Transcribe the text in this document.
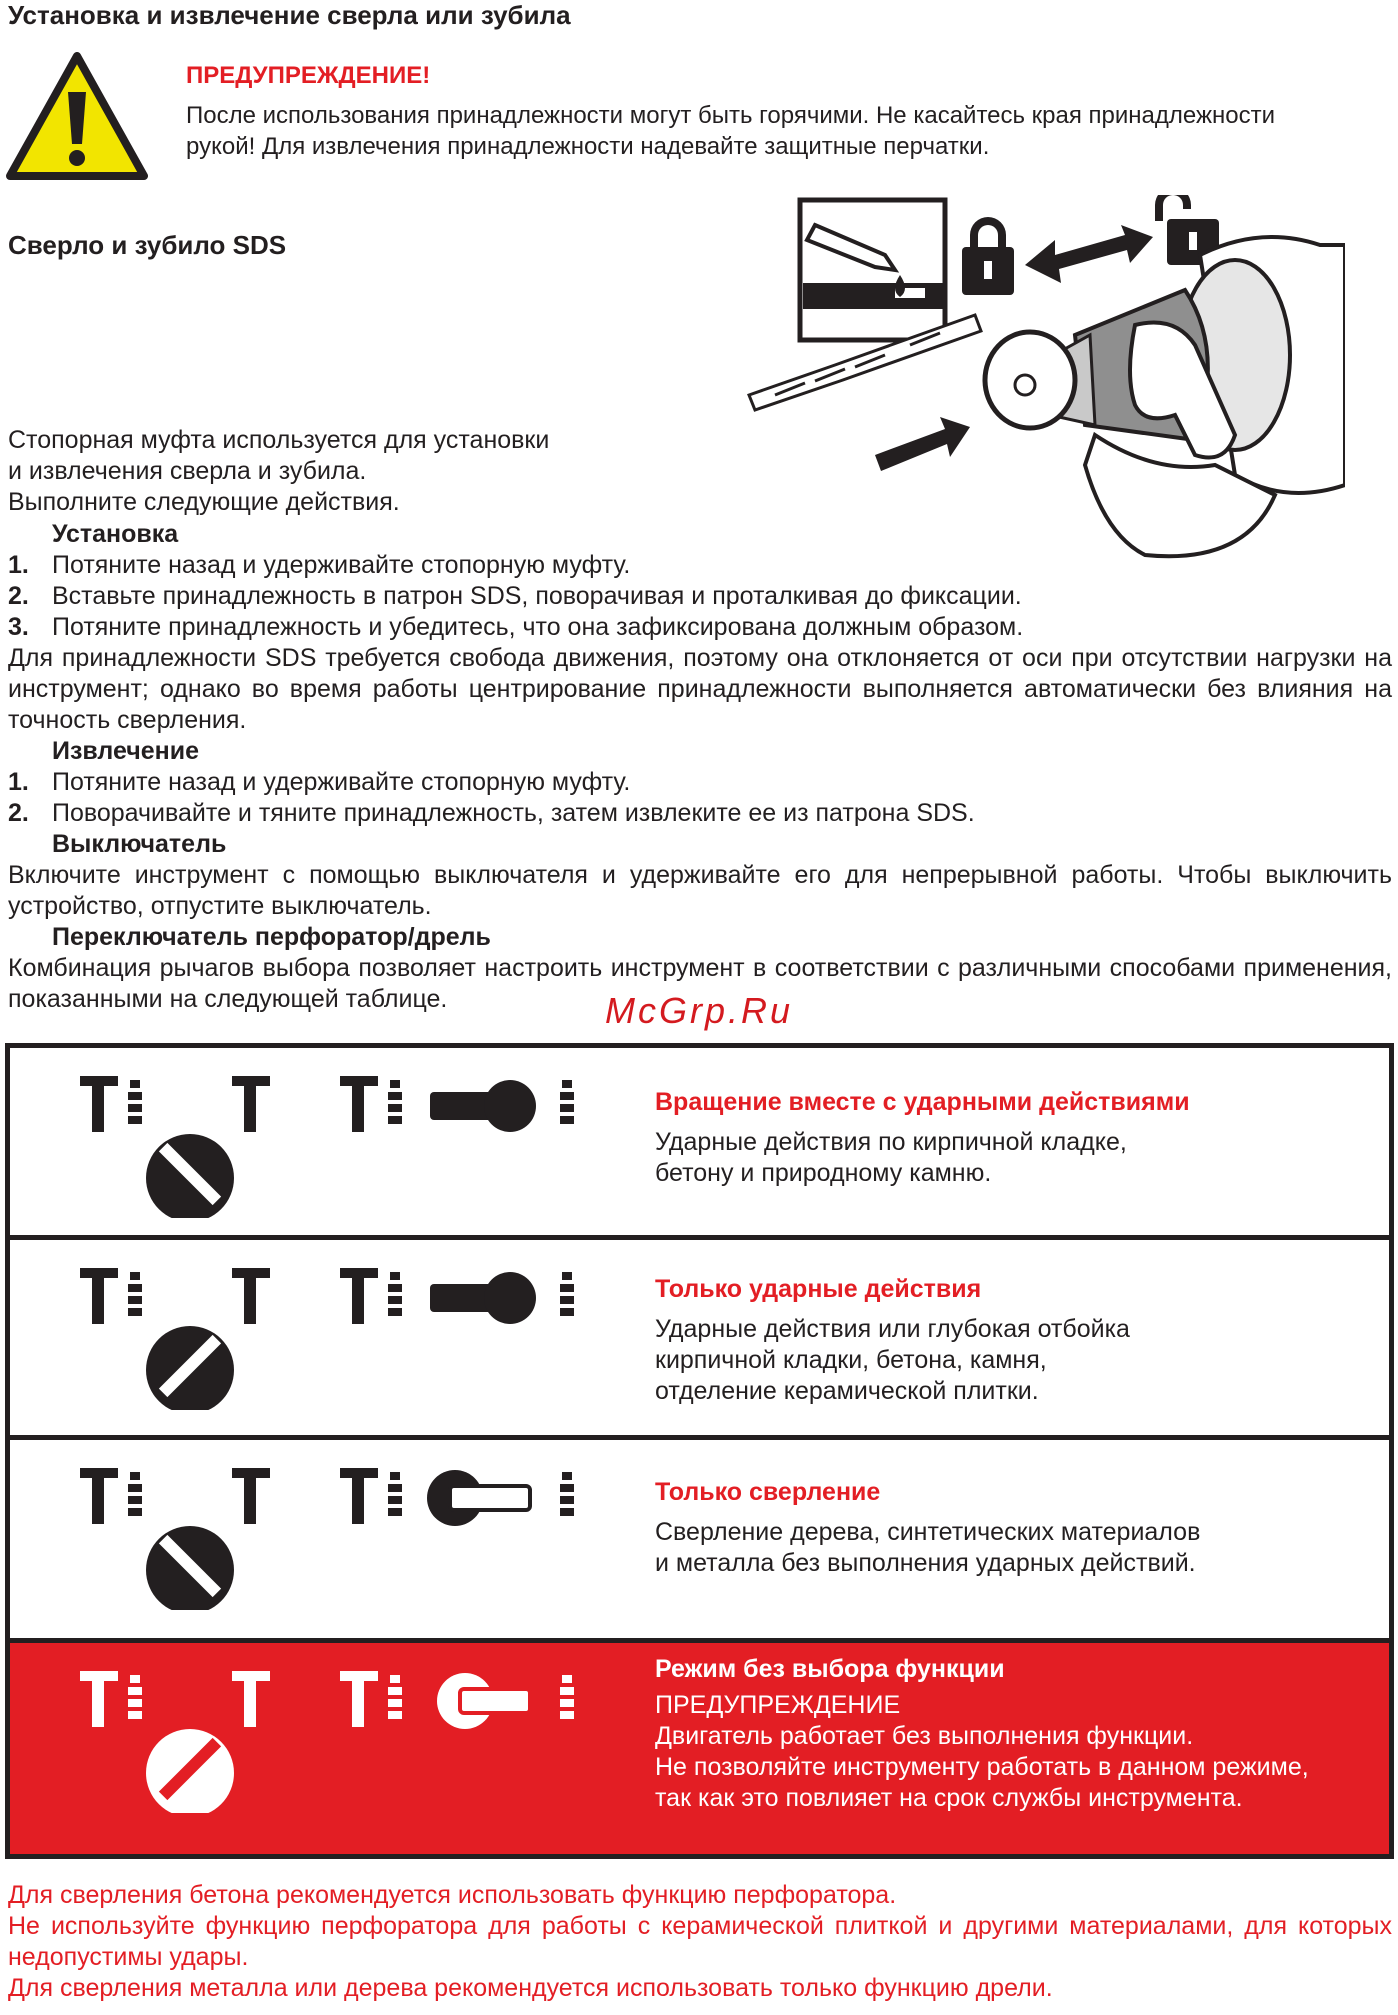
Установка и извлечение сверла или зубила
ПРЕДУПРЕЖДЕНИЕ!
После использования принадлежности могут быть горячими. Не касайтесь края принадлежности рукой! Для извлечения принадлежности надевайте защитные перчатки.
Сверло и зубило SDS
Стопорная муфта используется для установки
и извлечения сверла и зубила.
Выполните следующие действия.
Установка
1. Потяните назад и удерживайте стопорную муфту.
2. Вставьте принадлежность в патрон SDS, поворачивая и проталкивая до фиксации.
3. Потяните принадлежность и убедитесь, что она зафиксирована должным образом.
Для принадлежности SDS требуется свобода движения, поэтому она отклоняется от оси при отсутствии нагрузки на инструмент; однако во время работы центрирование принадлежности выполняется автоматически без влияния на точность сверления.
Извлечение
1. Потяните назад и удерживайте стопорную муфту.
2. Поворачивайте и тяните принадлежность, затем извлеките ее из патрона SDS.
Выключатель
Включите инструмент с помощью выключателя и удерживайте его для непрерывной работы. Чтобы выключить устройство, отпустите выключатель.
Переключатель перфоратор/дрель
Комбинация рычагов выбора позволяет настроить инструмент в соответствии с различными способами применения, показанными на следующей таблице.	McGrp.Ru
Вращение вместе с ударными действиями
Ударные действия по кирпичной кладке,
бетону и природному камню.
Только ударные действия
Ударные действия или глубокая отбойка
кирпичной кладки, бетона, камня,
отделение керамической плитки.
Только сверление
Сверление дерева, синтетических материалов
и металла без выполнения ударных действий.
Режим без выбора функции
ПРЕДУПРЕЖДЕНИЕ
Двигатель работает без выполнения функции.
Не позволяйте инструменту работать в данном режиме,
так как это повлияет на срок службы инструмента.
Для сверления бетона рекомендуется использовать функцию перфоратора.
Не используйте функцию перфоратора для работы с керамической плиткой и другими материалами, для которых недопустимы удары.
Для сверления металла или дерева рекомендуется использовать только функцию дрели.
